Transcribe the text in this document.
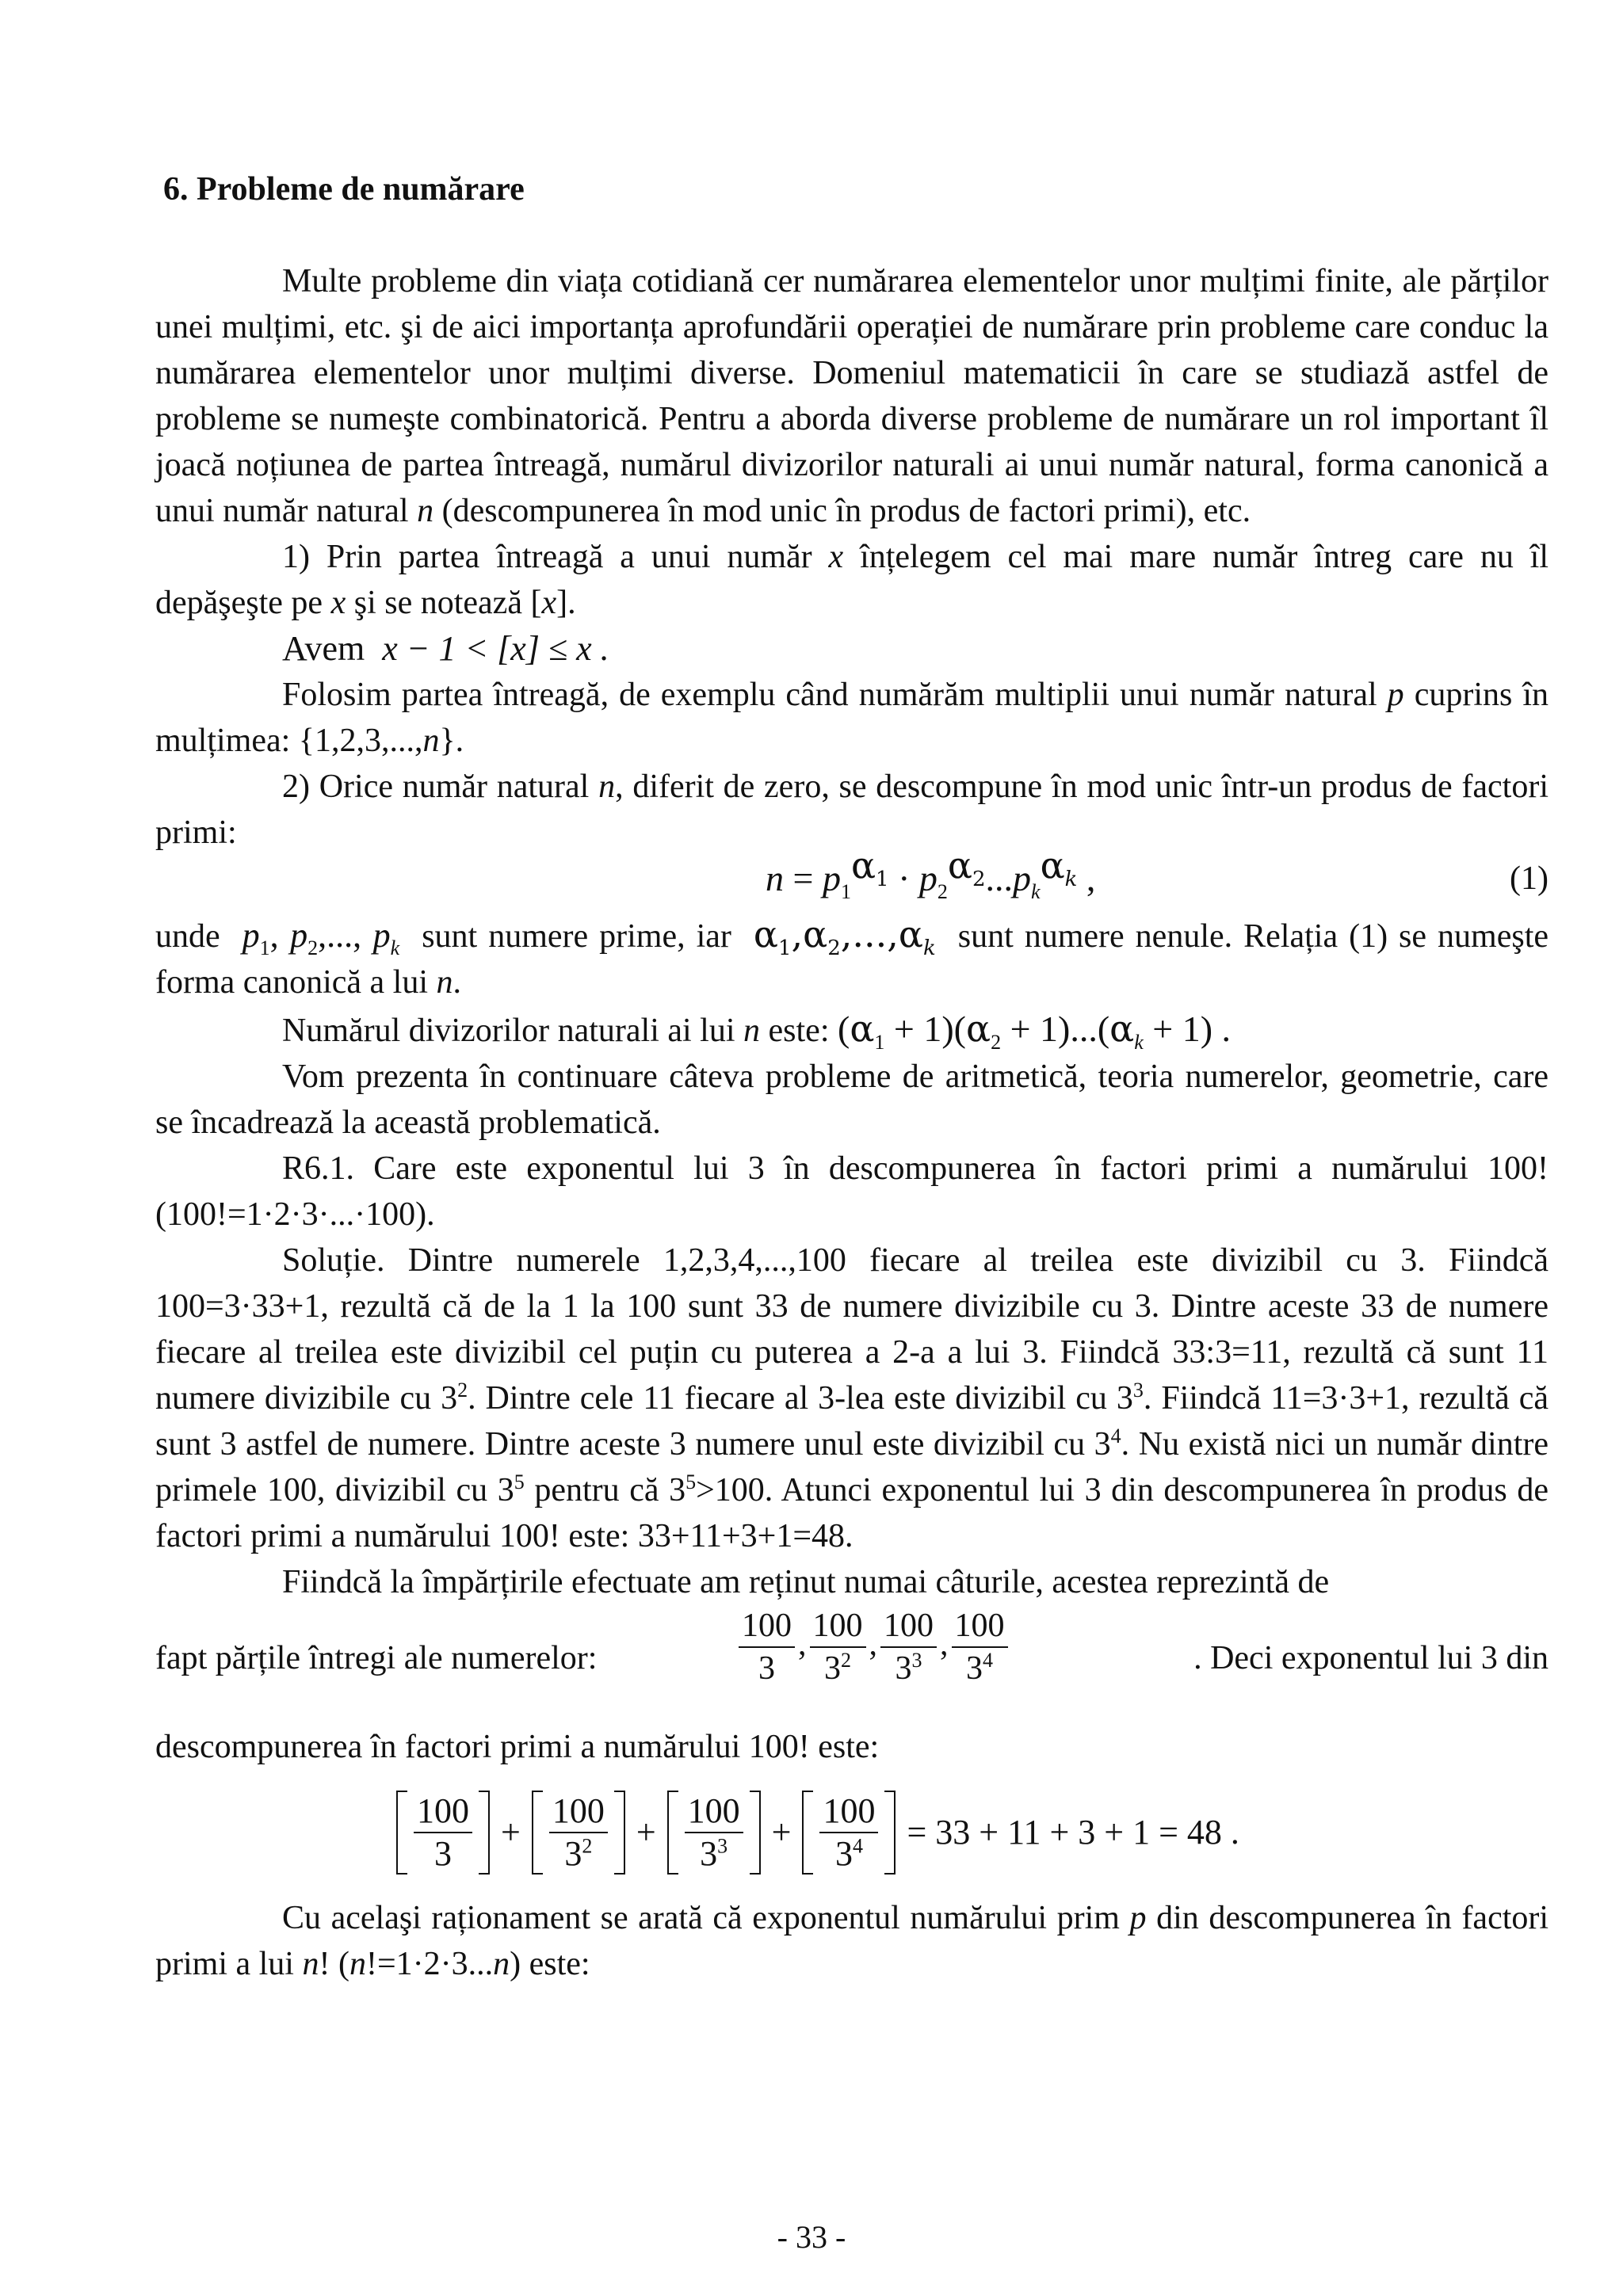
6. Probleme de numărare

Multe probleme din viața cotidiană cer numărarea elementelor unor mulțimi finite, ale părților unei mulțimi, etc. şi de aici importanța aprofundării operației de numărare prin probleme care conduc la numărarea elementelor unor mulțimi diverse. Domeniul matematicii în care se studiază astfel de probleme se numeşte combinatorică. Pentru a aborda diverse probleme de numărare un rol important îl joacă noțiunea de partea întreagă, numărul divizorilor naturali ai unui număr natural, forma canonică a unui număr natural n (descompunerea în mod unic în produs de factori primi), etc.

1) Prin partea întreagă a unui număr x înțelegem cel mai mare număr întreg care nu îl depăşeşte pe x şi se notează [x].

Avem x − 1 < [x] ≤ x .

Folosim partea întreagă, de exemplu când numărăm multiplii unui număr natural p cuprins în mulțimea: {1,2,3,...,n}.

2) Orice număr natural n, diferit de zero, se descompune în mod unic într-un produs de factori primi:

$n = p_1^{\alpha_1} \cdot p_2^{\alpha_2}...p_k^{\alpha_k}$ ,	(1)

unde $p_1$, $p_2$,..., $p_k$ sunt numere prime, iar $\alpha_1,\alpha_2,...,\alpha_k$ sunt numere nenule. Relația (1) se numeşte forma canonică a lui n.

Numărul divizorilor naturali ai lui n este: $(\alpha_1 + 1)(\alpha_2 + 1)...(\alpha_k + 1)$ .

Vom prezenta în continuare câteva probleme de aritmetică, teoria numerelor, geometrie, care se încadrează la această problematică.

R6.1. Care este exponentul lui 3 în descompunerea în factori primi a numărului 100! (100!=1·2·3·...·100).

Soluție. Dintre numerele 1,2,3,4,...,100 fiecare al treilea este divizibil cu 3. Fiindcă 100=3·33+1, rezultă că de la 1 la 100 sunt 33 de numere divizibile cu 3. Dintre aceste 33 de numere fiecare al treilea este divizibil cel puțin cu puterea a 2-a a lui 3. Fiindcă 33:3=11, rezultă că sunt 11 numere divizibile cu $3^2$. Dintre cele 11 fiecare al 3-lea este divizibil cu $3^3$. Fiindcă 11=3·3+1, rezultă că sunt 3 astfel de numere. Dintre aceste 3 numere unul este divizibil cu $3^4$. Nu există nici un număr dintre primele 100, divizibil cu $3^5$ pentru că $3^5>100$. Atunci exponentul lui 3 din descompunerea în produs de factori primi a numărului 100! este: 33+11+3+1=48.

Fiindcă la împărțirile efectuate am reținut numai câturile, acestea reprezintă de

fapt părțile întregi ale numerelor:	$\frac{100}{3}$ , $\frac{100}{3^2}$ , $\frac{100}{3^3}$ , $\frac{100}{3^4}$	. Deci exponentul lui 3 din

descompunerea în factori primi a numărului 100! este:

$\frac{100}{3} + \frac{100}{3^2} + \frac{100}{3^3} + \frac{100}{3^4} = 33 + 11 + 3 + 1 = 48$ .

Cu acelaşi raționament se arată că exponentul numărului prim p din descompunerea în factori primi a lui n! (n!=1·2·3...n) este:

- 33 -
